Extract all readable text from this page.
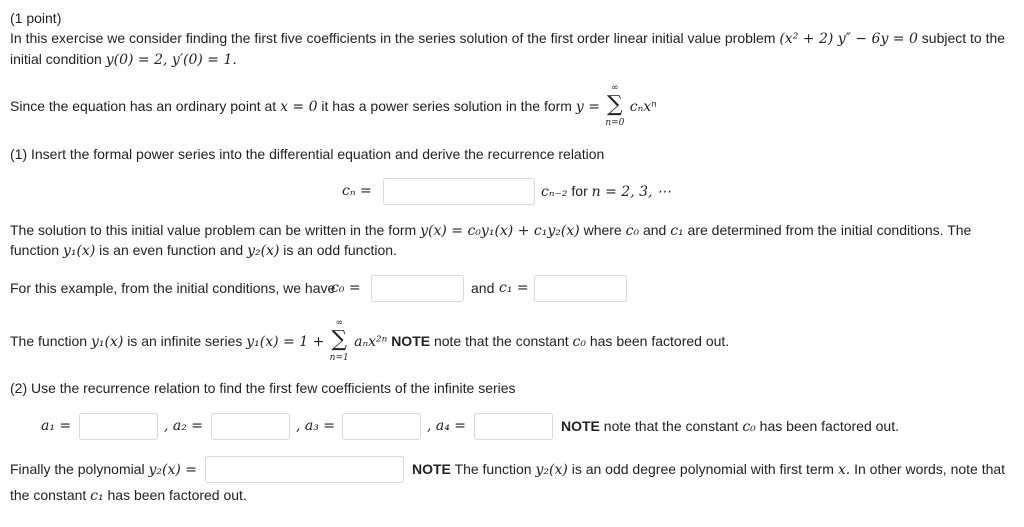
(1 point)
In this exercise we consider finding the first five coefficients in the series solution of the first order linear initial value problem (x² + 2) y″ − 6y = 0 subject to the
initial condition y(0) = 2, y′(0) = 1.
Since the equation has an ordinary point at x = 0 it has a power series solution in the form y =
∞
∑
n=0
cₙxⁿ
(1) Insert the formal power series into the differential equation and derive the recurrence relation
cₙ =	cₙ₋₂ for n = 2, 3, ⋯
The solution to this initial value problem can be written in the form y(x) = c₀y₁(x) + c₁y₂(x) where c₀ and c₁ are determined from the initial conditions. The
function y₁(x) is an even function and y₂(x) is an odd function.
For this example, from the initial conditions, we have
c₀ =	and c₁ =
The function y₁(x) is an infinite series y₁(x) = 1 +
∞
∑
n=1
aₙx²ⁿ NOTE note that the constant c₀ has been factored out.
(2) Use the recurrence relation to find the first few coefficients of the infinite series
a₁ =	, a₂ =	, a₃ =	, a₄ =	NOTE note that the constant c₀ has been factored out.
Finally the polynomial y₂(x) =	NOTE The function y₂(x) is an odd degree polynomial with first term x. In other words, note that
the constant c₁ has been factored out.
